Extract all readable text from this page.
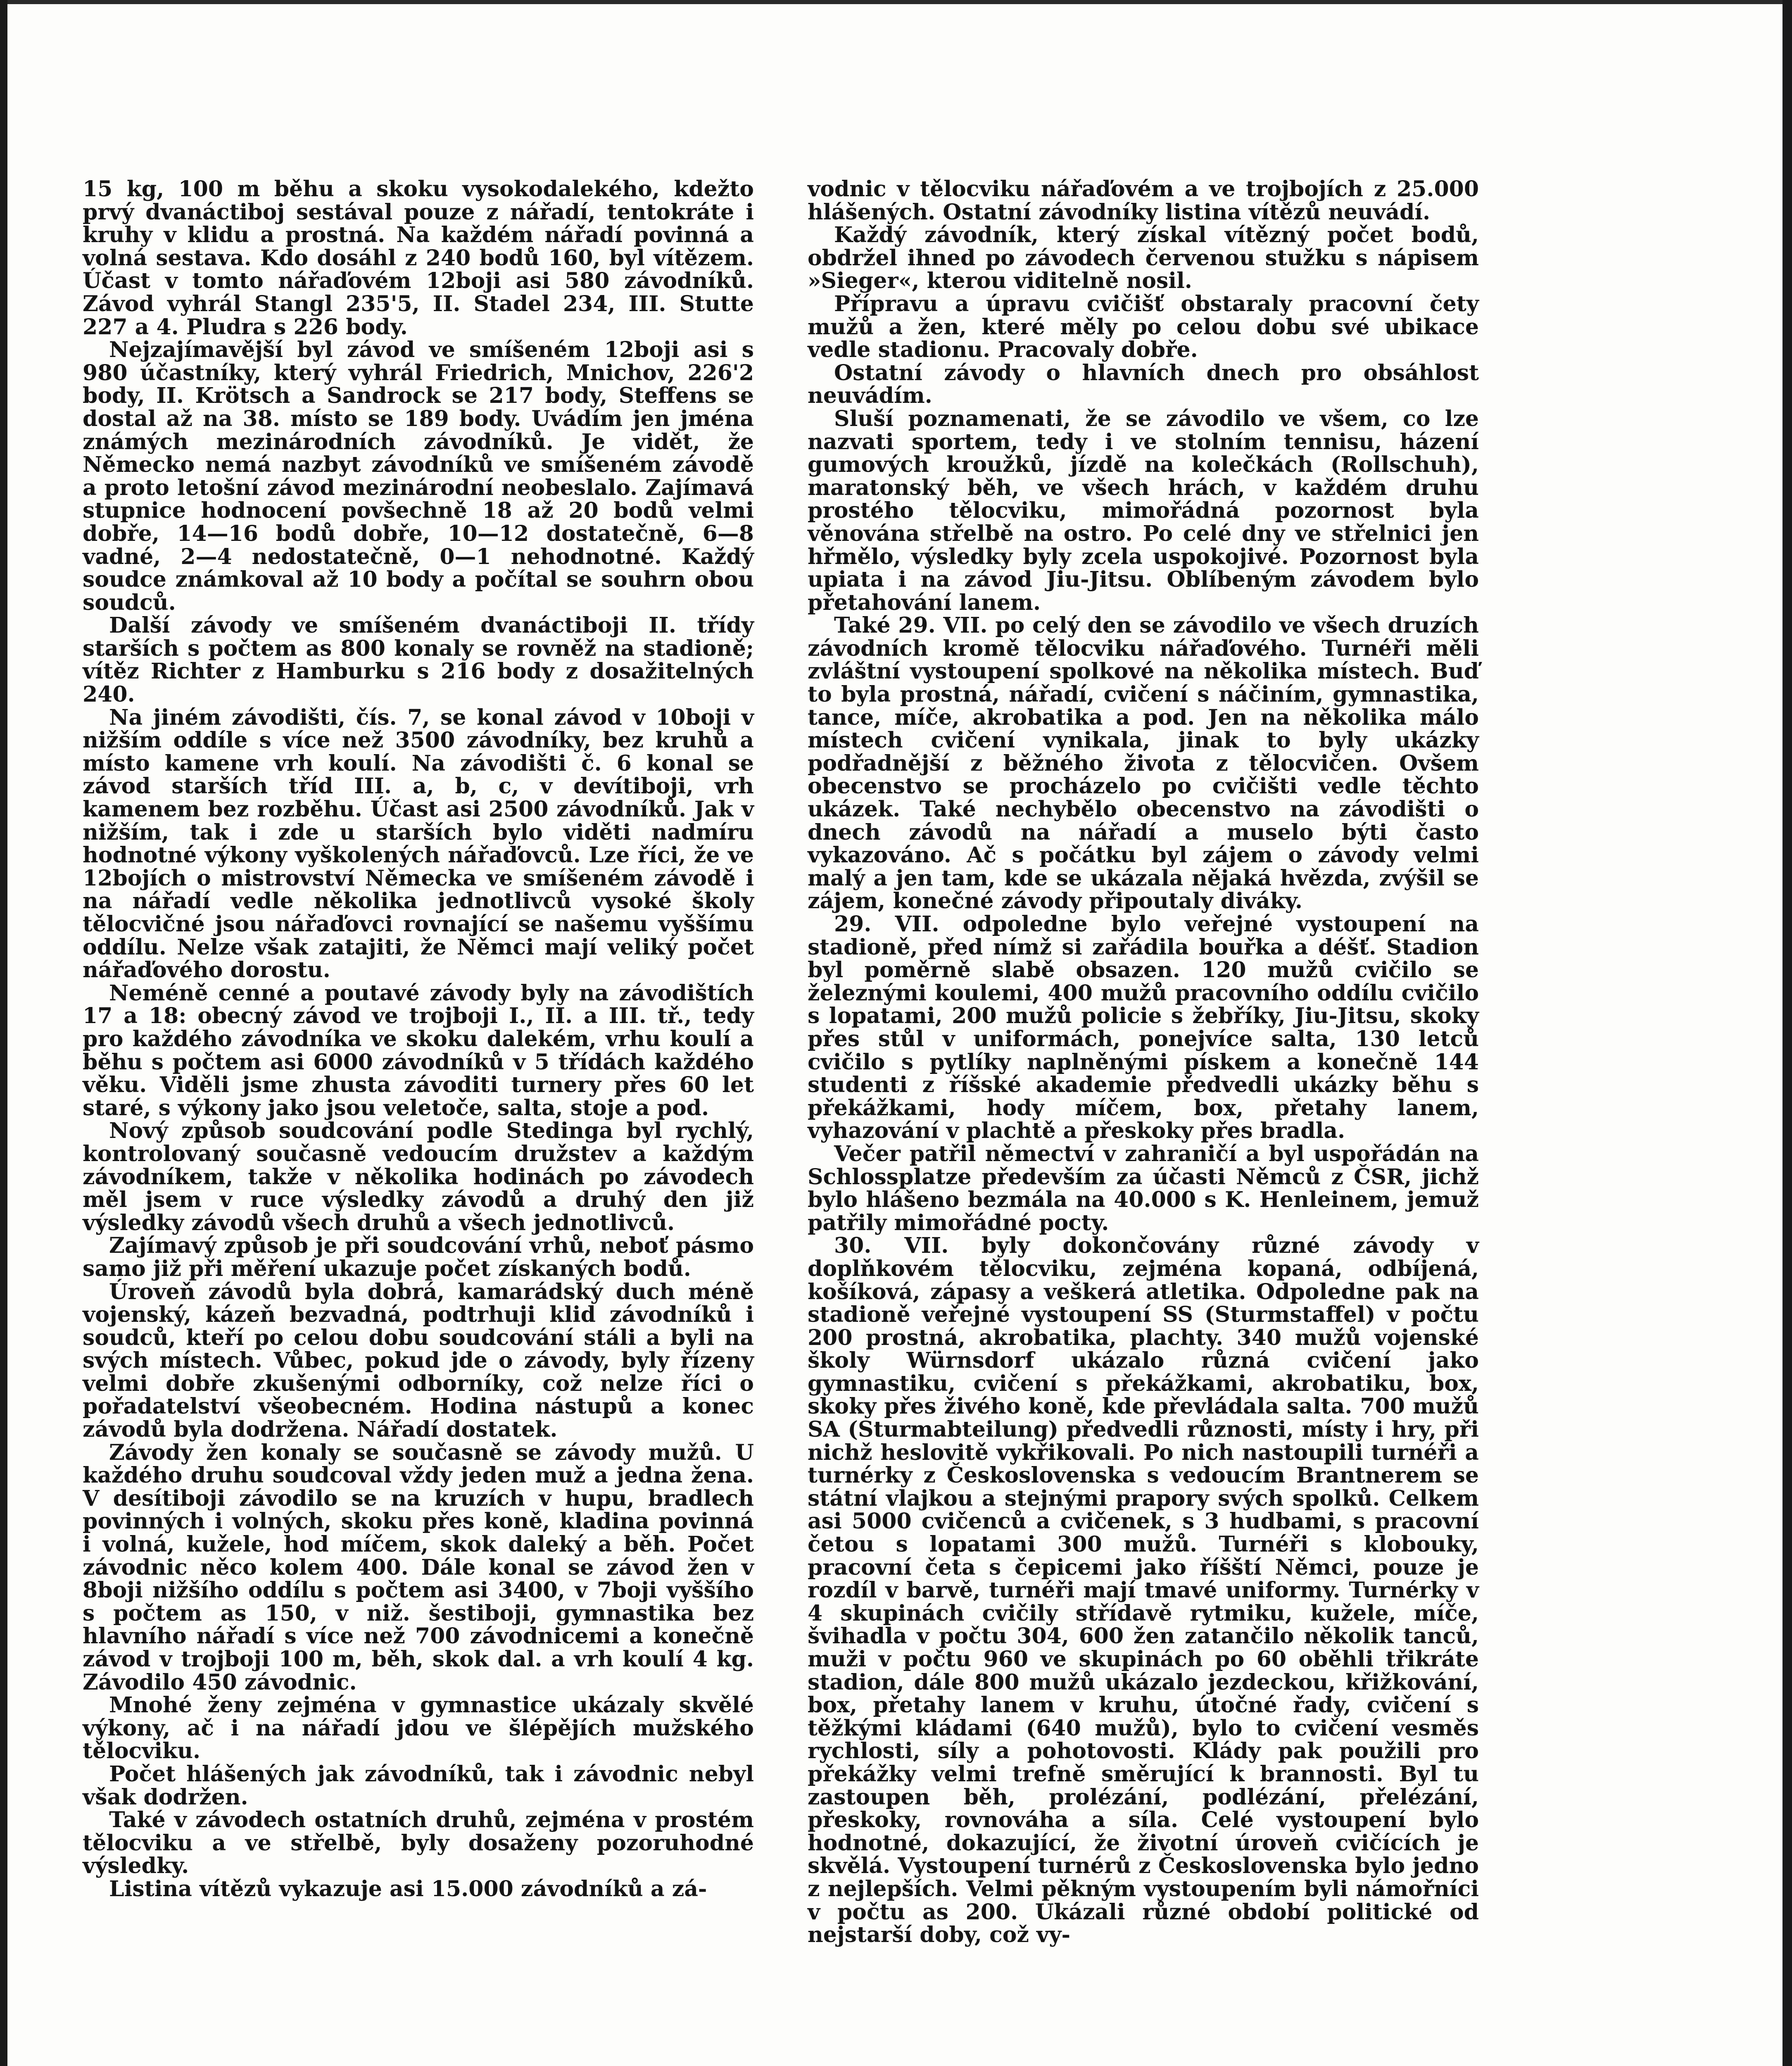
15 kg, 100 m běhu a skoku vysokodalekého, kdežto prvý dvanáctiboj sestával pouze z nářadí, tentokráte i kruhy v klidu a prostná. Na každém nářadí povinná a volná sestava. Kdo dosáhl z 240 bodů 160, byl vítězem. Účast v tomto nářaďovém 12boji asi 580 závodníků. Závod vyhrál Stangl 235'5, II. Stadel 234, III. Stutte 227 a 4. Pludra s 226 body.

Nejzajímavější byl závod ve smíšeném 12boji asi s 980 účastníky, který vyhrál Friedrich, Mnichov, 226'2 body, II. Krötsch a Sandrock se 217 body, Steffens se dostal až na 38. místo se 189 body. Uvádím jen jména známých mezinárodních závodníků. Je vidět, že Německo nemá nazbyt závodníků ve smíšeném závodě a proto letošní závod mezinárodní neobeslalo. Zajímavá stupnice hodnocení povšechně 18 až 20 bodů velmi dobře, 14—16 bodů dobře, 10—12 dostatečně, 6—8 vadné, 2—4 nedostatečně, 0—1 nehodnotné. Každý soudce známkoval až 10 body a počítal se souhrn obou soudců.

Další závody ve smíšeném dvanáctiboji II. třídy starších s počtem as 800 konaly se rovněž na stadioně; vítěz Richter z Hamburku s 216 body z dosažitelných 240.

Na jiném závodišti, čís. 7, se konal závod v 10boji v nižším oddíle s více než 3500 závodníky, bez kruhů a místo kamene vrh koulí. Na závodišti č. 6 konal se závod starších tříd III. a, b, c, v devítiboji, vrh kamenem bez rozběhu. Účast asi 2500 závodníků. Jak v nižším, tak i zde u starších bylo viděti nadmíru hodnotné výkony vyškolených nářaďovců. Lze říci, že ve 12bojích o mistrovství Německa ve smíšeném závodě i na nářadí vedle několika jednotlivců vysoké školy tělocvičné jsou nářaďovci rovnající se našemu vyššímu oddílu. Nelze však zatajiti, že Němci mají veliký počet nářaďového dorostu.

Neméně cenné a poutavé závody byly na závodištích 17 a 18: obecný závod ve trojboji I., II. a III. tř., tedy pro každého závodníka ve skoku dalekém, vrhu koulí a běhu s počtem asi 6000 závodníků v 5 třídách každého věku. Viděli jsme zhusta závoditi turnery přes 60 let staré, s výkony jako jsou veletoče, salta, stoje a pod.

Nový způsob soudcování podle Stedinga byl rychlý, kontrolovaný současně vedoucím družstev a každým závodníkem, takže v několika hodinách po závodech měl jsem v ruce výsledky závodů a druhý den již výsledky závodů všech druhů a všech jednotlivců.

Zajímavý způsob je při soudcování vrhů, neboť pásmo samo již při měření ukazuje počet získaných bodů.

Úroveň závodů byla dobrá, kamarádský duch méně vojenský, kázeň bezvadná, podtrhuji klid závodníků i soudců, kteří po celou dobu soudcování stáli a byli na svých místech. Vůbec, pokud jde o závody, byly řízeny velmi dobře zkušenými odborníky, což nelze říci o pořadatelství všeobecném. Hodina nástupů a konec závodů byla dodržena. Nářadí dostatek.

Závody žen konaly se současně se závody mužů. U každého druhu soudcoval vždy jeden muž a jedna žena. V desítiboji závodilo se na kruzích v hupu, bradlech povinných i volných, skoku přes koně, kladina povinná i volná, kužele, hod míčem, skok daleký a běh. Počet závodnic něco kolem 400. Dále konal se závod žen v 8boji nižšího oddílu s počtem asi 3400, v 7boji vyššího s počtem as 150, v niž. šestiboji, gymnastika bez hlavního nářadí s více než 700 závodnicemi a konečně závod v trojboji 100 m, běh, skok dal. a vrh koulí 4 kg. Závodilo 450 závodnic.

Mnohé ženy zejména v gymnastice ukázaly skvělé výkony, ač i na nářadí jdou ve šlépějích mužského tělocviku.

Počet hlášených jak závodníků, tak i závodnic nebyl však dodržen.

Také v závodech ostatních druhů, zejména v prostém tělocviku a ve střelbě, byly dosaženy pozoruhodné výsledky.

Listina vítězů vykazuje asi 15.000 závodníků a zá-

vodnic v tělocviku nářaďovém a ve trojbojích z 25.000 hlášených. Ostatní závodníky listina vítězů neuvádí.

Každý závodník, který získal vítězný počet bodů, obdržel ihned po závodech červenou stužku s nápisem »Sieger«, kterou viditelně nosil.

Přípravu a úpravu cvičišť obstaraly pracovní čety mužů a žen, které měly po celou dobu své ubikace vedle stadionu. Pracovaly dobře.

Ostatní závody o hlavních dnech pro obsáhlost neuvádím.

Sluší poznamenati, že se závodilo ve všem, co lze nazvati sportem, tedy i ve stolním tennisu, házení gumových kroužků, jízdě na kolečkách (Rollschuh), maratonský běh, ve všech hrách, v každém druhu prostého tělocviku, mimořádná pozornost byla věnována střelbě na ostro. Po celé dny ve střelnici jen hřmělo, výsledky byly zcela uspokojivé. Pozornost byla upiata i na závod Jiu-Jitsu. Oblíbeným závodem bylo přetahování lanem.

Také 29. VII. po celý den se závodilo ve všech druzích závodních kromě tělocviku nářaďového. Turnéři měli zvláštní vystoupení spolkové na několika místech. Buď to byla prostná, nářadí, cvičení s náčiním, gymnastika, tance, míče, akrobatika a pod. Jen na několika málo místech cvičení vynikala, jinak to byly ukázky podřadnější z běžného života z tělocvičen. Ovšem obecenstvo se procházelo po cvičišti vedle těchto ukázek. Také nechybělo obecenstvo na závodišti o dnech závodů na nářadí a muselo býti často vykazováno. Ač s počátku byl zájem o závody velmi malý a jen tam, kde se ukázala nějaká hvězda, zvýšil se zájem, konečné závody připoutaly diváky.

29. VII. odpoledne bylo veřejné vystoupení na stadioně, před nímž si zařádila bouřka a déšť. Stadion byl poměrně slabě obsazen. 120 mužů cvičilo se železnými koulemi, 400 mužů pracovního oddílu cvičilo s lopatami, 200 mužů policie s žebříky, Jiu-Jitsu, skoky přes stůl v uniformách, ponejvíce salta, 130 letců cvičilo s pytlíky naplněnými pískem a konečně 144 studenti z říšské akademie předvedli ukázky běhu s překážkami, hody míčem, box, přetahy lanem, vyhazování v plachtě a přeskoky přes bradla.

Večer patřil němectví v zahraničí a byl uspořádán na Schlossplatze především za účasti Němců z ČSR, jichž bylo hlášeno bezmála na 40.000 s K. Henleinem, jemuž patřily mimořádné pocty.

30. VII. byly dokončovány různé závody v doplňkovém tělocviku, zejména kopaná, odbíjená, košíková, zápasy a veškerá atletika. Odpoledne pak na stadioně veřejné vystoupení SS (Sturmstaffel) v počtu 200 prostná, akrobatika, plachty. 340 mužů vojenské školy Würnsdorf ukázalo různá cvičení jako gymnastiku, cvičení s překážkami, akrobatiku, box, skoky přes živého koně, kde převládala salta. 700 mužů SA (Sturmabteilung) předvedli různosti, místy i hry, při nichž heslovitě vykřikovali. Po nich nastoupili turnéři a turnérky z Československa s vedoucím Brantnerem se státní vlajkou a stejnými prapory svých spolků. Celkem asi 5000 cvičenců a cvičenek, s 3 hudbami, s pracovní četou s lopatami 300 mužů. Turnéři s klobouky, pracovní četa s čepicemi jako říšští Němci, pouze je rozdíl v barvě, turnéři mají tmavé uniformy. Turnérky v 4 skupinách cvičily střídavě rytmiku, kužele, míče, švihadla v počtu 304, 600 žen zatančilo několik tanců, muži v počtu 960 ve skupinách po 60 oběhli třikráte stadion, dále 800 mužů ukázalo jezdeckou, křižkování, box, přetahy lanem v kruhu, útočné řady, cvičení s těžkými kládami (640 mužů), bylo to cvičení vesměs rychlosti, síly a pohotovosti. Klády pak použili pro překážky velmi trefně směrující k brannosti. Byl tu zastoupen běh, prolézání, podlézání, přelézání, přeskoky, rovnováha a síla. Celé vystoupení bylo hodnotné, dokazující, že životní úroveň cvičících je skvělá. Vystoupení turnérů z Československa bylo jedno z nejlepších. Velmi pěkným vystoupením byli námořníci v počtu as 200. Ukázali různé období politické od nejstarší doby, což vy-
